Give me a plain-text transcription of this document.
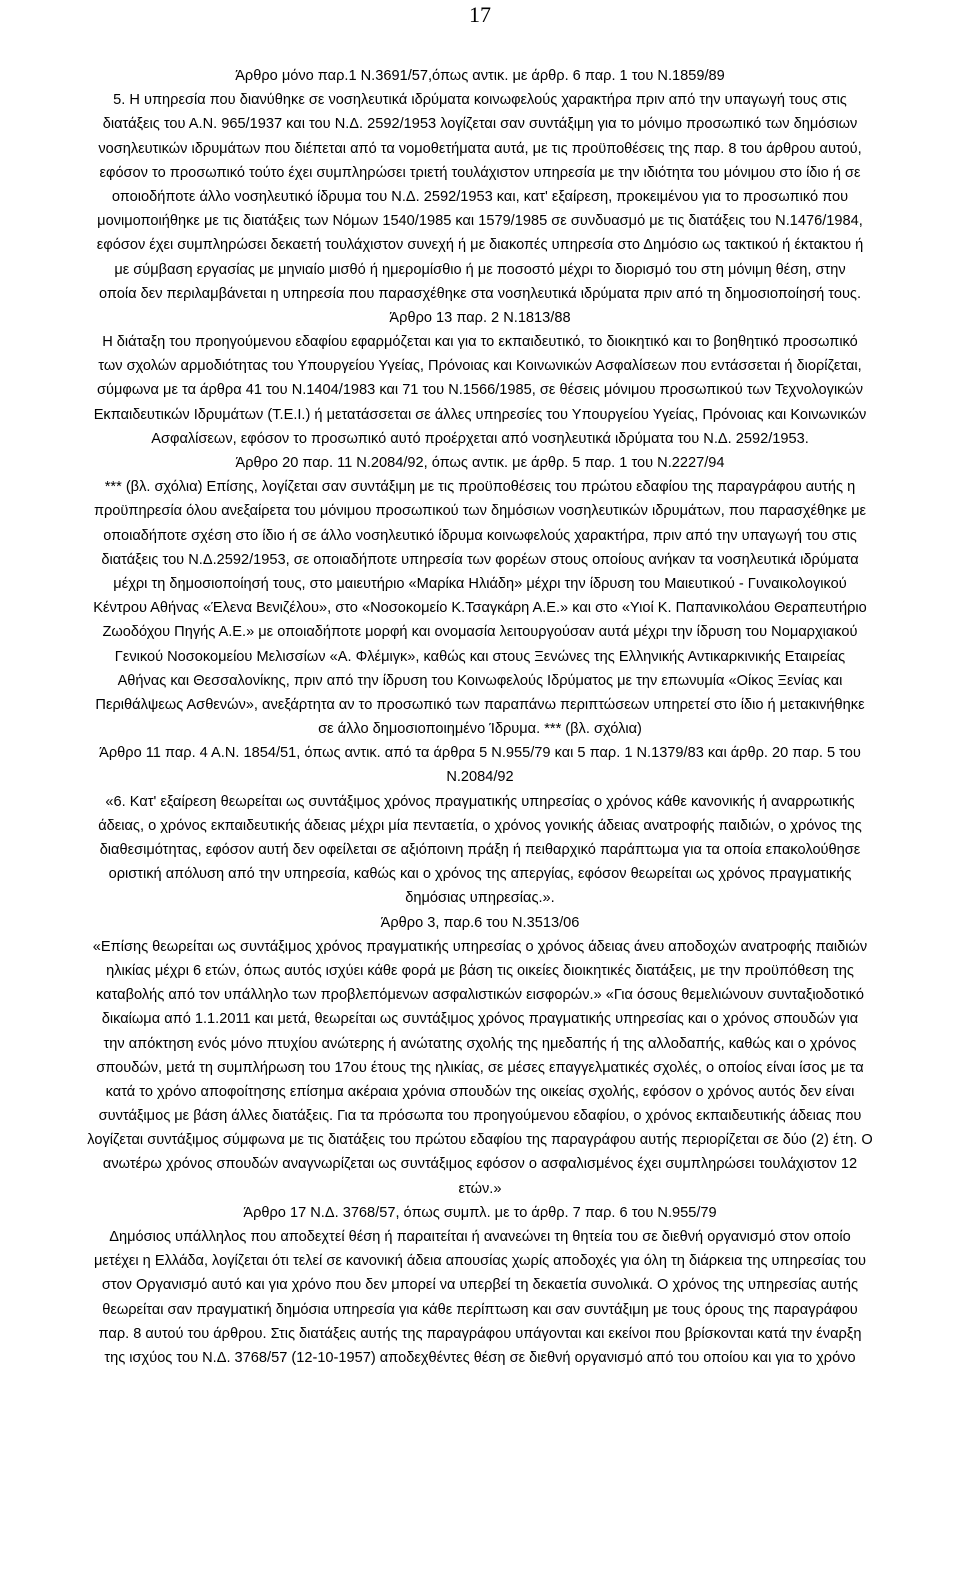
17
Άρθρο μόνο παρ.1 Ν.3691/57,όπως αντικ. με άρθρ. 6 παρ. 1 του Ν.1859/89
5. Η υπηρεσία που διανύθηκε σε νοσηλευτικά ιδρύματα κοινωφελούς χαρακτήρα πριν από την υπαγωγή τους στις
διατάξεις του Α.Ν. 965/1937 και του Ν.Δ. 2592/1953 λογίζεται σαν συντάξιμη για το μόνιμο προσωπικό των δημόσιων
νοσηλευτικών ιδρυμάτων που διέπεται από τα νομοθετήματα αυτά, με τις προϋποθέσεις της παρ. 8 του άρθρου αυτού,
εφόσον το προσωπικό τούτο έχει συμπληρώσει τριετή τουλάχιστον υπηρεσία με την ιδιότητα του μόνιμου στο ίδιο ή σε
οποιοδήποτε άλλο νοσηλευτικό ίδρυμα του Ν.Δ. 2592/1953 και, κατ' εξαίρεση, προκειμένου για το προσωπικό που
μονιμοποιήθηκε με τις διατάξεις των Νόμων 1540/1985 και 1579/1985 σε συνδυασμό με τις διατάξεις του Ν.1476/1984,
εφόσον έχει συμπληρώσει δεκαετή τουλάχιστον συνεχή ή με διακοπές υπηρεσία στο Δημόσιο ως τακτικού ή έκτακτου ή
με σύμβαση εργασίας με μηνιαίο μισθό ή ημερομίσθιο ή με ποσοστό μέχρι το διορισμό του στη μόνιμη θέση, στην
οποία δεν περιλαμβάνεται η υπηρεσία που παρασχέθηκε στα νοσηλευτικά ιδρύματα πριν από τη δημοσιοποίησή τους.
Άρθρο 13 παρ. 2 Ν.1813/88
Η διάταξη του προηγούμενου εδαφίου εφαρμόζεται και για το εκπαιδευτικό, το διοικητικό και το βοηθητικό προσωπικό
των σχολών αρμοδιότητας του Υπουργείου Υγείας, Πρόνοιας και Κοινωνικών Ασφαλίσεων που εντάσσεται ή διορίζεται,
σύμφωνα με τα άρθρα 41 του Ν.1404/1983 και 71 του Ν.1566/1985, σε θέσεις μόνιμου προσωπικού των Τεχνολογικών
Εκπαιδευτικών Ιδρυμάτων (Τ.Ε.Ι.) ή μετατάσσεται σε άλλες υπηρεσίες του Υπουργείου Υγείας, Πρόνοιας και Κοινωνικών
Ασφαλίσεων, εφόσον το προσωπικό αυτό προέρχεται από νοσηλευτικά ιδρύματα του Ν.Δ. 2592/1953.
Άρθρο 20 παρ. 11 Ν.2084/92, όπως αντικ. με άρθρ. 5 παρ. 1 του Ν.2227/94
*** (βλ. σχόλια) Επίσης, λογίζεται σαν συντάξιμη με τις προϋποθέσεις του πρώτου εδαφίου της παραγράφου αυτής η
προϋπηρεσία όλου ανεξαίρετα του μόνιμου προσωπικού των δημόσιων νοσηλευτικών ιδρυμάτων, που παρασχέθηκε με
οποιαδήποτε σχέση στο ίδιο ή σε άλλο νοσηλευτικό ίδρυμα κοινωφελούς χαρακτήρα, πριν από την υπαγωγή του στις
διατάξεις του Ν.Δ.2592/1953, σε οποιαδήποτε υπηρεσία των φορέων στους οποίους ανήκαν τα νοσηλευτικά ιδρύματα
μέχρι τη δημοσιοποίησή τους, στο μαιευτήριο «Μαρίκα Ηλιάδη» μέχρι την ίδρυση του Μαιευτικού - Γυναικολογικού
Κέντρου Αθήνας «Έλενα Βενιζέλου», στο «Νοσοκομείο Κ.Τσαγκάρη Α.Ε.» και στο «Υιοί Κ. Παπανικολάου Θεραπευτήριο
Ζωοδόχου Πηγής Α.Ε.» με οποιαδήποτε μορφή και ονομασία λειτουργούσαν αυτά μέχρι την ίδρυση του Νομαρχιακού
Γενικού Νοσοκομείου Μελισσίων «Α. Φλέμιγκ», καθώς και στους Ξενώνες της Ελληνικής Αντικαρκινικής Εταιρείας
Αθήνας και Θεσσαλονίκης, πριν από την ίδρυση του Κοινωφελούς Ιδρύματος με την επωνυμία «Οίκος Ξενίας και
Περιθάλψεως Ασθενών», ανεξάρτητα αν το προσωπικό των παραπάνω περιπτώσεων υπηρετεί στο ίδιο ή μετακινήθηκε
σε άλλο δημοσιοποιημένο Ίδρυμα. *** (βλ. σχόλια)
Άρθρο 11 παρ. 4 Α.Ν. 1854/51, όπως αντικ. από τα άρθρα 5 Ν.955/79 και 5 παρ. 1 Ν.1379/83 και άρθρ. 20 παρ. 5 του
Ν.2084/92
«6. Κατ' εξαίρεση θεωρείται ως συντάξιμος χρόνος πραγματικής υπηρεσίας ο χρόνος κάθε κανονικής ή αναρρωτικής
άδειας, ο χρόνος εκπαιδευτικής άδειας μέχρι μία πενταετία, ο χρόνος γονικής άδειας ανατροφής παιδιών, ο χρόνος της
διαθεσιμότητας, εφόσον αυτή δεν οφείλεται σε αξιόποινη πράξη ή πειθαρχικό παράπτωμα για τα οποία επακολούθησε
οριστική απόλυση από την υπηρεσία, καθώς και ο χρόνος της απεργίας, εφόσον θεωρείται ως χρόνος πραγματικής
δημόσιας υπηρεσίας.».
Άρθρο 3, παρ.6 του Ν.3513/06
«Επίσης θεωρείται ως συντάξιμος χρόνος πραγματικής υπηρεσίας ο χρόνος άδειας άνευ αποδοχών ανατροφής παιδιών
ηλικίας μέχρι 6 ετών, όπως αυτός ισχύει κάθε φορά με βάση τις οικείες διοικητικές διατάξεις, με την προϋπόθεση της
καταβολής από τον υπάλληλο των προβλεπόμενων ασφαλιστικών εισφορών.» «Για όσους θεμελιώνουν συνταξιοδοτικό
δικαίωμα από 1.1.2011 και μετά, θεωρείται ως συντάξιμος χρόνος πραγματικής υπηρεσίας και ο χρόνος σπουδών για
την απόκτηση ενός μόνο πτυχίου ανώτερης ή ανώτατης σχολής της ημεδαπής ή της αλλοδαπής, καθώς και ο χρόνος
σπουδών, μετά τη συμπλήρωση του 17ου έτους της ηλικίας, σε μέσες επαγγελματικές σχολές, ο οποίος είναι ίσος με τα
κατά το χρόνο αποφοίτησης επίσημα ακέραια χρόνια σπουδών της οικείας σχολής, εφόσον ο χρόνος αυτός δεν είναι
συντάξιμος με βάση άλλες διατάξεις. Για τα πρόσωπα του προηγούμενου εδαφίου, ο χρόνος εκπαιδευτικής άδειας που
λογίζεται συντάξιμος σύμφωνα με τις διατάξεις του πρώτου εδαφίου της παραγράφου αυτής περιορίζεται σε δύο (2) έτη. Ο
ανωτέρω χρόνος σπουδών αναγνωρίζεται ως συντάξιμος εφόσον ο ασφαλισμένος έχει συμπληρώσει τουλάχιστον 12
ετών.»
Άρθρο 17 Ν.Δ. 3768/57, όπως συμπλ. με το άρθρ. 7 παρ. 6 του Ν.955/79
Δημόσιος υπάλληλος που αποδεχτεί θέση ή παραιτείται ή ανανεώνει τη θητεία του σε διεθνή οργανισμό στον οποίο
μετέχει η Ελλάδα, λογίζεται ότι τελεί σε κανονική άδεια απουσίας χωρίς αποδοχές για όλη τη διάρκεια της υπηρεσίας του
στον Οργανισμό αυτό και για χρόνο που δεν μπορεί να υπερβεί τη δεκαετία συνολικά. Ο χρόνος της υπηρεσίας αυτής
θεωρείται σαν πραγματική δημόσια υπηρεσία για κάθε περίπτωση και σαν συντάξιμη με τους όρους της παραγράφου
παρ. 8 αυτού του άρθρου. Στις διατάξεις αυτής της παραγράφου υπάγονται και εκείνοι που βρίσκονται κατά την έναρξη
της ισχύος του Ν.Δ. 3768/57 (12-10-1957) αποδεχθέντες θέση σε διεθνή οργανισμό από του οποίου και για το χρόνο
